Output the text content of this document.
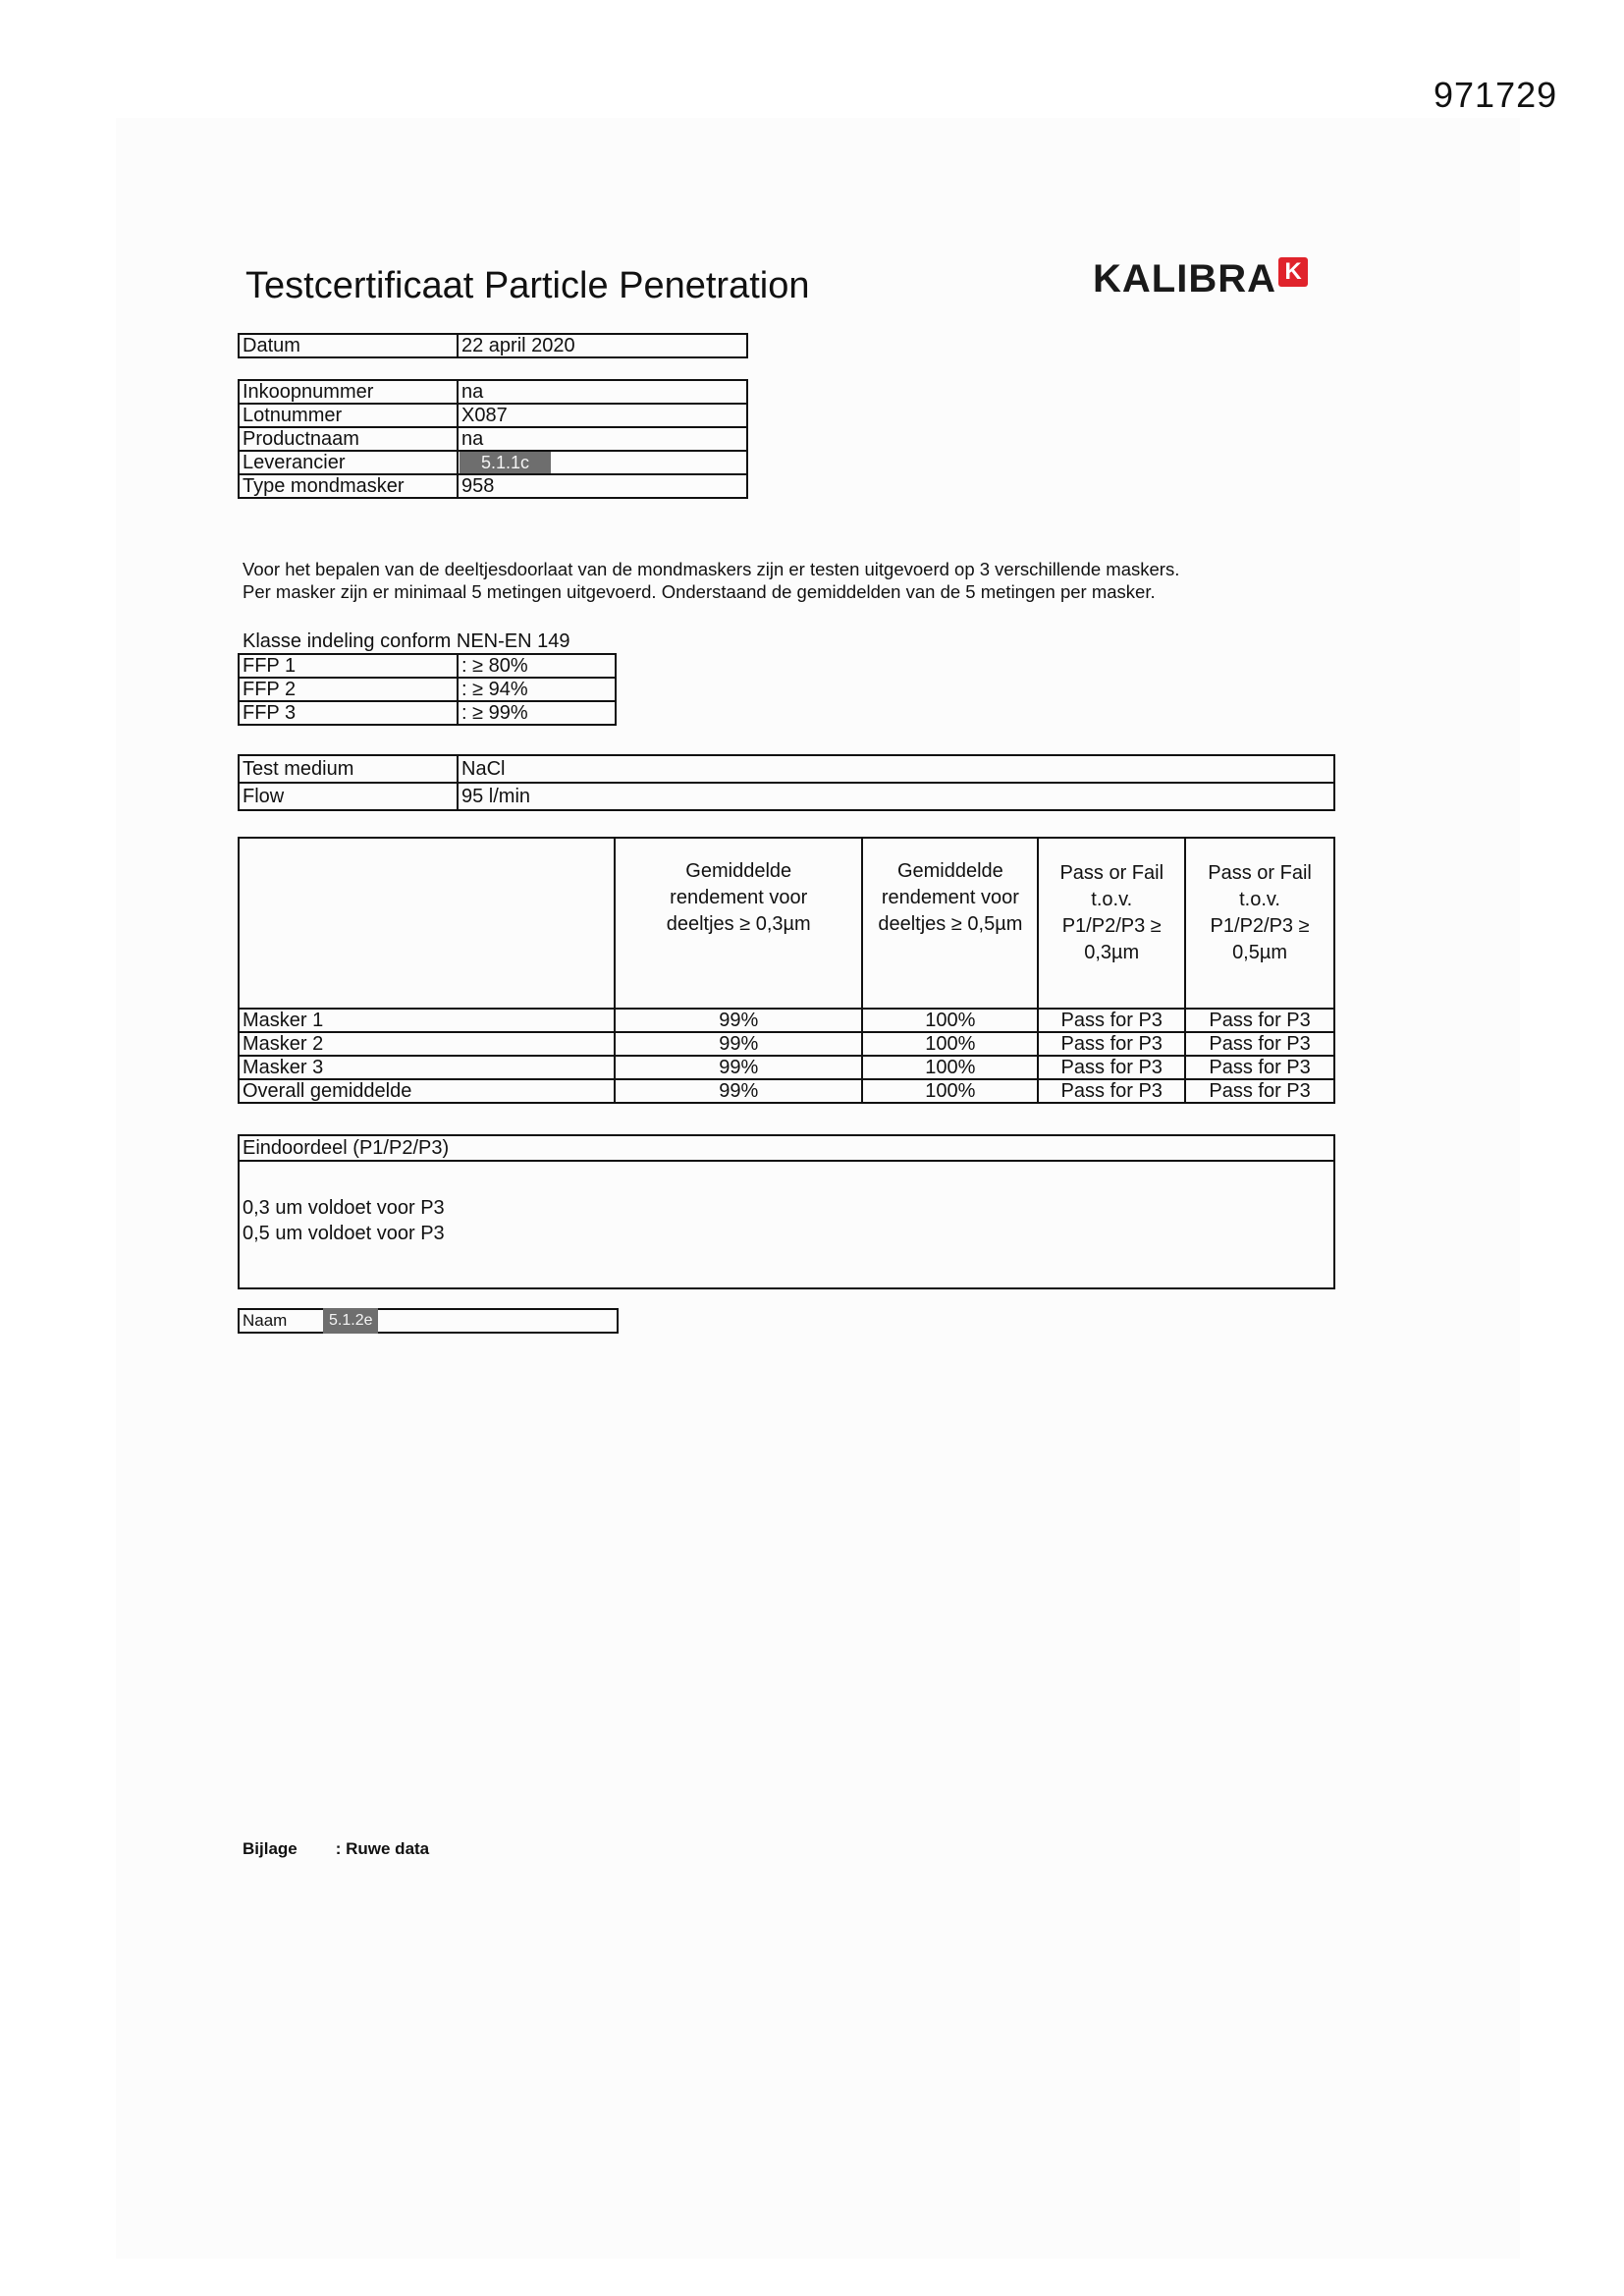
971729
Testcertificaat Particle Penetration	KALIBRA K
Datum	22 april 2020
Inkoopnummer	na
Lotnummer	X087
Productnaam	na
Leverancier	5.1.1c
Type mondmasker	958
Voor het bepalen van de deeltjesdoorlaat van de mondmaskers zijn er testen uitgevoerd op 3 verschillende maskers.
Per masker zijn er minimaal 5 metingen uitgevoerd. Onderstaand de gemiddelden van de 5 metingen per masker.
Klasse indeling conform NEN-EN 149
FFP 1	: ≥ 80%
FFP 2	: ≥ 94%
FFP 3	: ≥ 99%
Test medium	NaCl
Flow	95 l/min
	Gemiddelde rendement voor deeltjes ≥ 0,3µm	Gemiddelde rendement voor deeltjes ≥ 0,5µm	Pass or Fail t.o.v. P1/P2/P3 ≥ 0,3µm	Pass or Fail t.o.v. P1/P2/P3 ≥ 0,5µm
Masker 1	99%	100%	Pass for P3	Pass for P3
Masker 2	99%	100%	Pass for P3	Pass for P3
Masker 3	99%	100%	Pass for P3	Pass for P3
Overall gemiddelde	99%	100%	Pass for P3	Pass for P3
Eindoordeel (P1/P2/P3)
0,3 um voldoet voor P3
0,5 um voldoet voor P3
Naam	5.1.2e
Bijlage : Ruwe data
